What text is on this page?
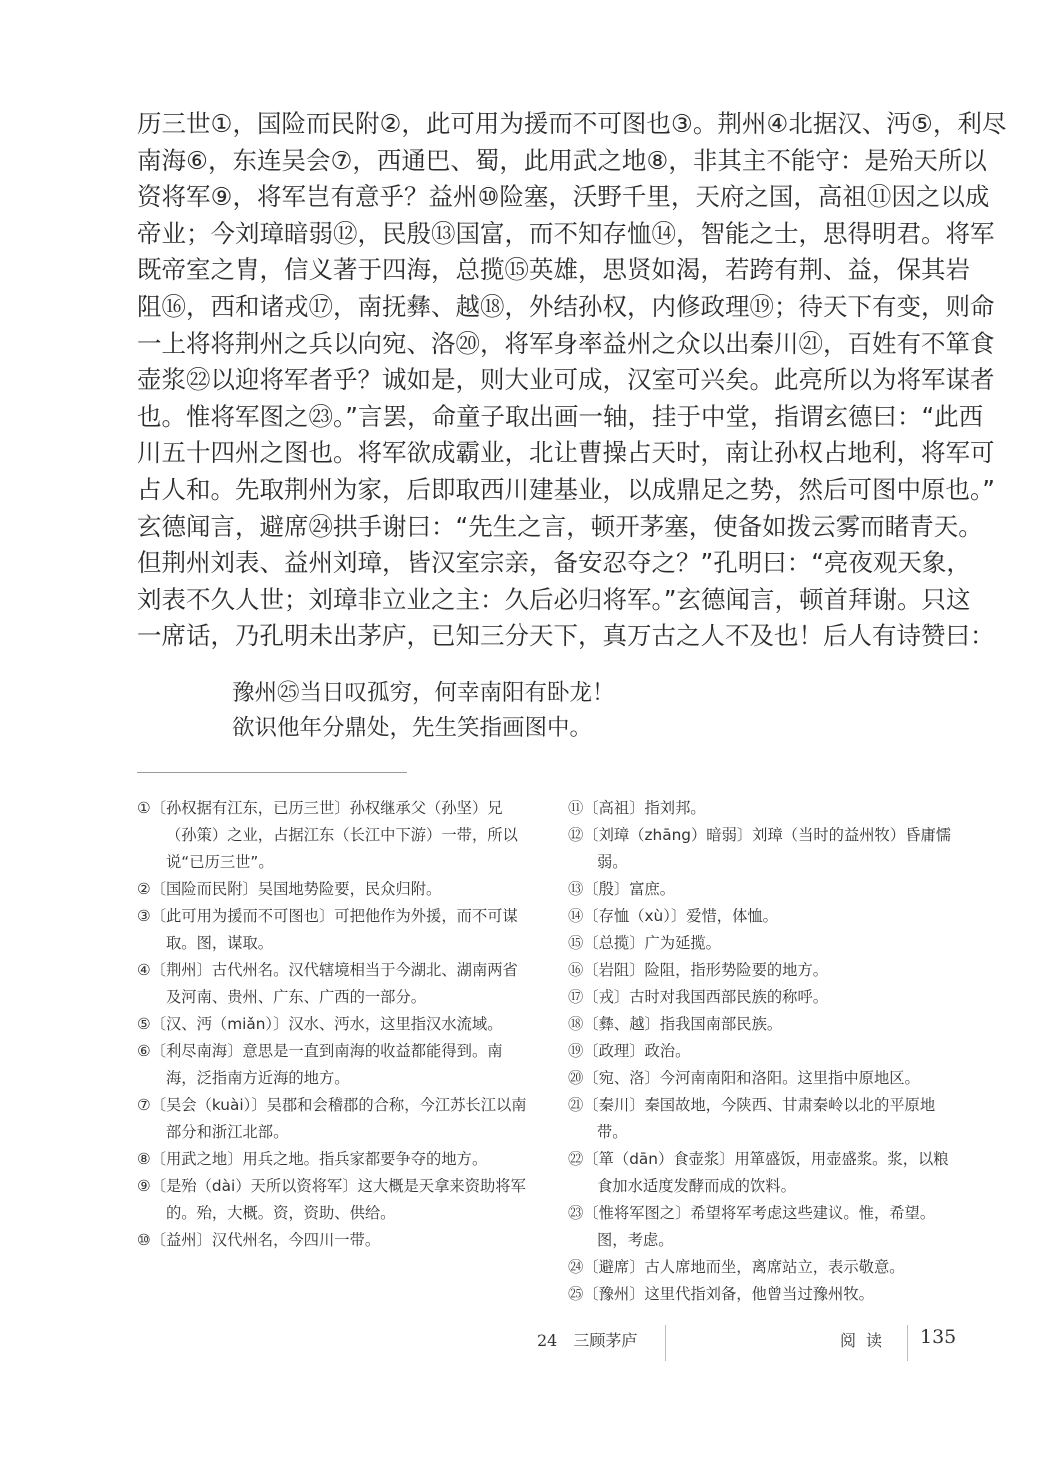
历三世①，国险而民附②，此可用为援而不可图也③。荆州④北据汉、沔⑤，利尽
南海⑥，东连吴会⑦，西通巴、蜀，此用武之地⑧，非其主不能守：是殆天所以
资将军⑨，将军岂有意乎？益州⑩险塞，沃野千里，天府之国，高祖⑪因之以成
帝业；今刘璋暗弱⑫，民殷⑬国富，而不知存恤⑭，智能之士，思得明君。将军
既帝室之胄，信义著于四海，总揽⑮英雄，思贤如渴，若跨有荆、益，保其岩
阻⑯，西和诸戎⑰，南抚彝、越⑱，外结孙权，内修政理⑲；待天下有变，则命
一上将将荆州之兵以向宛、洛⑳，将军身率益州之众以出秦川㉑，百姓有不箪食
壶浆㉒以迎将军者乎？诚如是，则大业可成，汉室可兴矣。此亮所以为将军谋者
也。惟将军图之㉓。”言罢，命童子取出画一轴，挂于中堂，指谓玄德曰：“此西
川五十四州之图也。将军欲成霸业，北让曹操占天时，南让孙权占地利，将军可
占人和。先取荆州为家，后即取西川建基业，以成鼎足之势，然后可图中原也。”
玄德闻言，避席㉔拱手谢曰：“先生之言，顿开茅塞，使备如拨云雾而睹青天。
但荆州刘表、益州刘璋，皆汉室宗亲，备安忍夺之？”孔明曰：“亮夜观天象，
刘表不久人世；刘璋非立业之主：久后必归将军。”玄德闻言，顿首拜谢。只这
一席话，乃孔明未出茅庐，已知三分天下，真万古之人不及也！后人有诗赞曰：
豫州㉕当日叹孤穷，何幸南阳有卧龙！
欲识他年分鼎处，先生笑指画图中。
①〔孙权据有江东，已历三世〕孙权继承父（孙坚）兄（孙策）之业，占据江东（长江中下游）一带，所以说“已历三世”。
②〔国险而民附〕吴国地势险要，民众归附。
③〔此可用为援而不可图也〕可把他作为外援，而不可谋取。图，谋取。
④〔荆州〕古代州名。汉代辖境相当于今湖北、湖南两省及河南、贵州、广东、广西的一部分。
⑤〔汉、沔（miǎn）〕汉水、沔水，这里指汉水流域。
⑥〔利尽南海〕意思是一直到南海的收益都能得到。南海，泛指南方近海的地方。
⑦〔吴会（kuài）〕吴郡和会稽郡的合称，今江苏长江以南部分和浙江北部。
⑧〔用武之地〕用兵之地。指兵家都要争夺的地方。
⑨〔是殆（dài）天所以资将军〕这大概是天拿来资助将军的。殆，大概。资，资助、供给。
⑩〔益州〕汉代州名，今四川一带。
⑪〔高祖〕指刘邦。
⑫〔刘璋（zhāng）暗弱〕刘璋（当时的益州牧）昏庸懦弱。
⑬〔殷〕富庶。
⑭〔存恤（xù）〕爱惜，体恤。
⑮〔总揽〕广为延揽。
⑯〔岩阻〕险阻，指形势险要的地方。
⑰〔戎〕古时对我国西部民族的称呼。
⑱〔彝、越〕指我国南部民族。
⑲〔政理〕政治。
⑳〔宛、洛〕今河南南阳和洛阳。这里指中原地区。
㉑〔秦川〕秦国故地，今陕西、甘肃秦岭以北的平原地带。
㉒〔箪（dān）食壶浆〕用箪盛饭，用壶盛浆。浆，以粮食加水适度发酵而成的饮料。
㉓〔惟将军图之〕希望将军考虑这些建议。惟，希望。图，考虑。
㉔〔避席〕古人席地而坐，离席站立，表示敬意。
㉕〔豫州〕这里代指刘备，他曾当过豫州牧。
24　三顾茅庐	阅读 135
